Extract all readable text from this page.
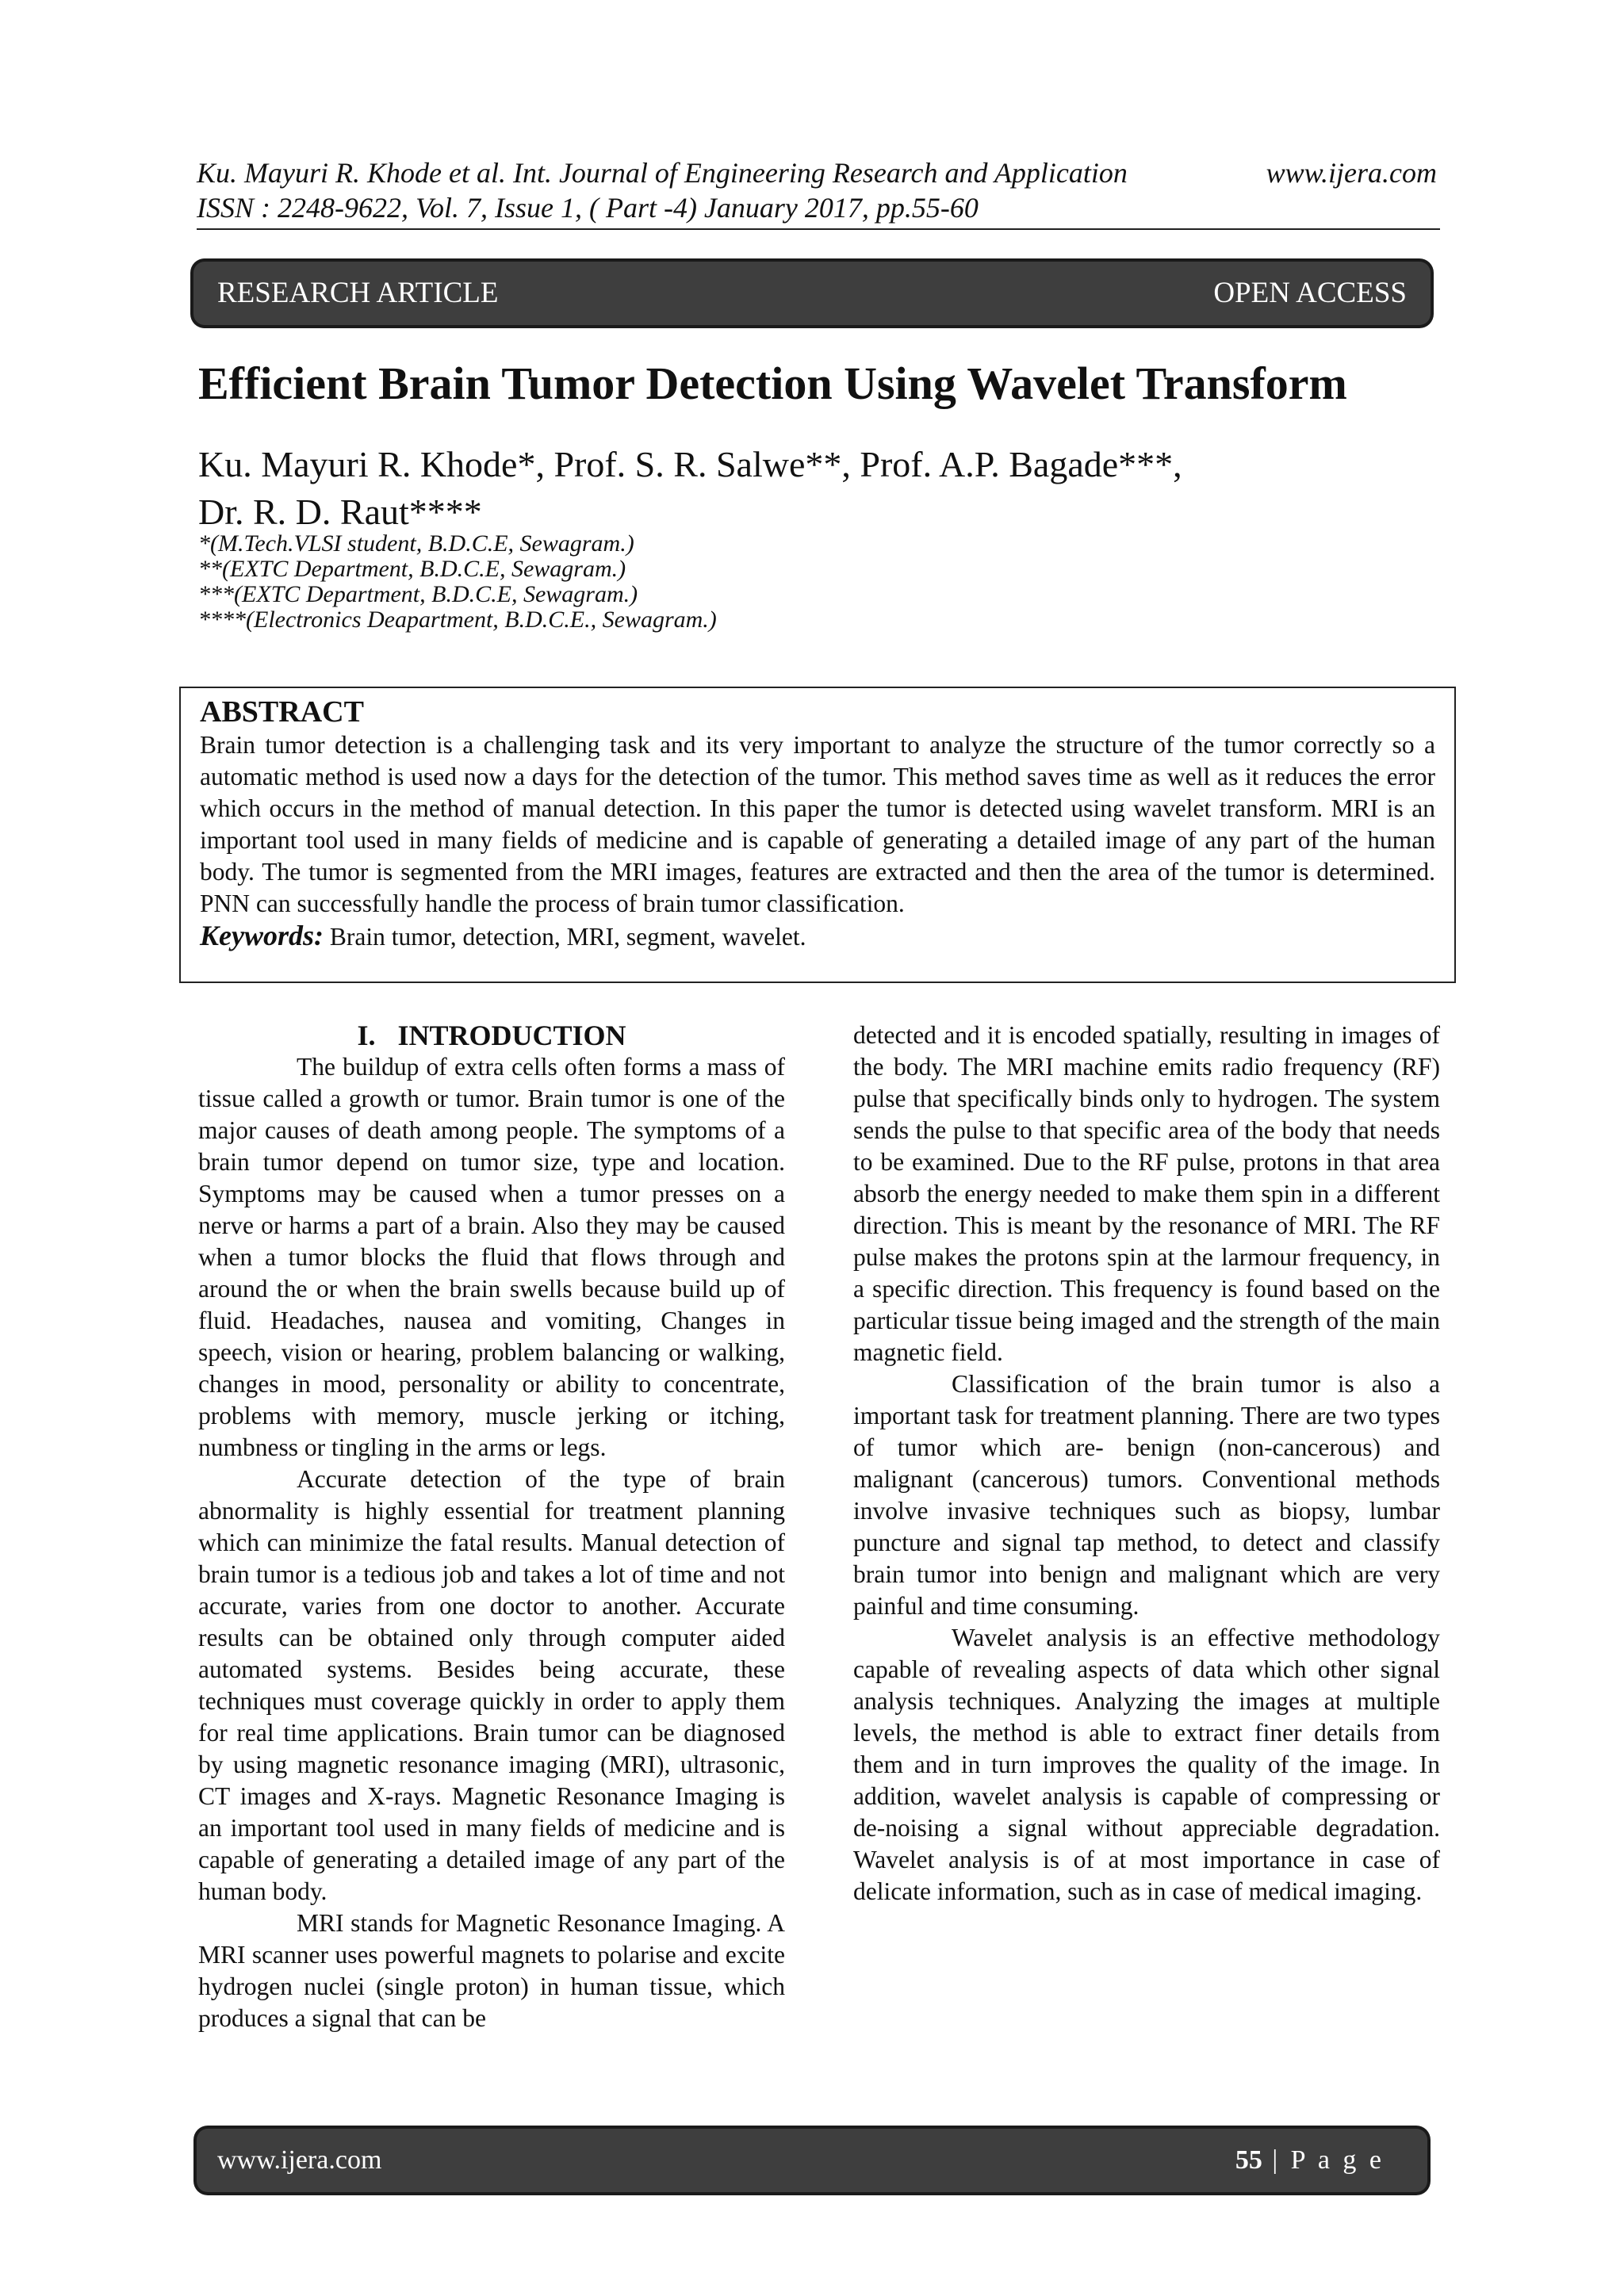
Ku. Mayuri R. Khode et al. Int. Journal of Engineering Research and Application
ISSN : 2248-9622, Vol. 7, Issue 1, ( Part -4) January 2017, pp.55-60
www.ijera.com
RESEARCH ARTICLE	OPEN ACCESS
Efficient Brain Tumor Detection Using Wavelet Transform
Ku. Mayuri R. Khode*, Prof. S. R. Salwe**, Prof. A.P. Bagade***,
Dr. R. D. Raut****
*(M.Tech.VLSI student, B.D.C.E, Sewagram.)
**(EXTC Department, B.D.C.E, Sewagram.)
***(EXTC Department, B.D.C.E, Sewagram.)
****(Electronics Deapartment, B.D.C.E., Sewagram.)

ABSTRACT

Brain tumor detection is a challenging task and its very important to analyze the structure of the tumor correctly so a automatic method is used now a days for the detection of the tumor. This method saves time as well as it reduces the error which occurs in the method of manual detection. In this paper the tumor is detected using wavelet transform. MRI is an important tool used in many fields of medicine and is capable of generating a detailed image of any part of the human body. The tumor is segmented from the MRI images, features are extracted and then the area of the tumor is determined. PNN can successfully handle the process of brain tumor classification.

Keywords: Brain tumor, detection, MRI, segment, wavelet.

I. INTRODUCTION

The buildup of extra cells often forms a mass of tissue called a growth or tumor. Brain tumor is one of the major causes of death among people. The symptoms of a brain tumor depend on tumor size, type and location. Symptoms may be caused when a tumor presses on a nerve or harms a part of a brain. Also they may be caused when a tumor blocks the fluid that flows through and around the or when the brain swells because build up of fluid. Headaches, nausea and vomiting, Changes in speech, vision or hearing, problem balancing or walking, changes in mood, personality or ability to concentrate, problems with memory, muscle jerking or itching, numbness or tingling in the arms or legs.

Accurate detection of the type of brain abnormality is highly essential for treatment planning which can minimize the fatal results. Manual detection of brain tumor is a tedious job and takes a lot of time and not accurate, varies from one doctor to another. Accurate results can be obtained only through computer aided automated systems. Besides being accurate, these techniques must coverage quickly in order to apply them for real time applications. Brain tumor can be diagnosed by using magnetic resonance imaging (MRI), ultrasonic, CT images and X-rays. Magnetic Resonance Imaging is an important tool used in many fields of medicine and is capable of generating a detailed image of any part of the human body.

MRI stands for Magnetic Resonance Imaging. A MRI scanner uses powerful magnets to polarise and excite hydrogen nuclei (single proton) in human tissue, which produces a signal that can be

detected and it is encoded spatially, resulting in images of the body. The MRI machine emits radio frequency (RF) pulse that specifically binds only to hydrogen. The system sends the pulse to that specific area of the body that needs to be examined. Due to the RF pulse, protons in that area absorb the energy needed to make them spin in a different direction. This is meant by the resonance of MRI. The RF pulse makes the protons spin at the larmour frequency, in a specific direction. This frequency is found based on the particular tissue being imaged and the strength of the main magnetic field.

Classification of the brain tumor is also a important task for treatment planning. There are two types of tumor which are- benign (non-cancerous) and malignant (cancerous) tumors. Conventional methods involve invasive techniques such as biopsy, lumbar puncture and signal tap method, to detect and classify brain tumor into benign and malignant which are very painful and time consuming.

Wavelet analysis is an effective methodology capable of revealing aspects of data which other signal analysis techniques. Analyzing the images at multiple levels, the method is able to extract finer details from them and in turn improves the quality of the image. In addition, wavelet analysis is capable of compressing or de-noising a signal without appreciable degradation. Wavelet analysis is of at most importance in case of delicate information, such as in case of medical imaging.

www.ijera.com	55 | P a g e
